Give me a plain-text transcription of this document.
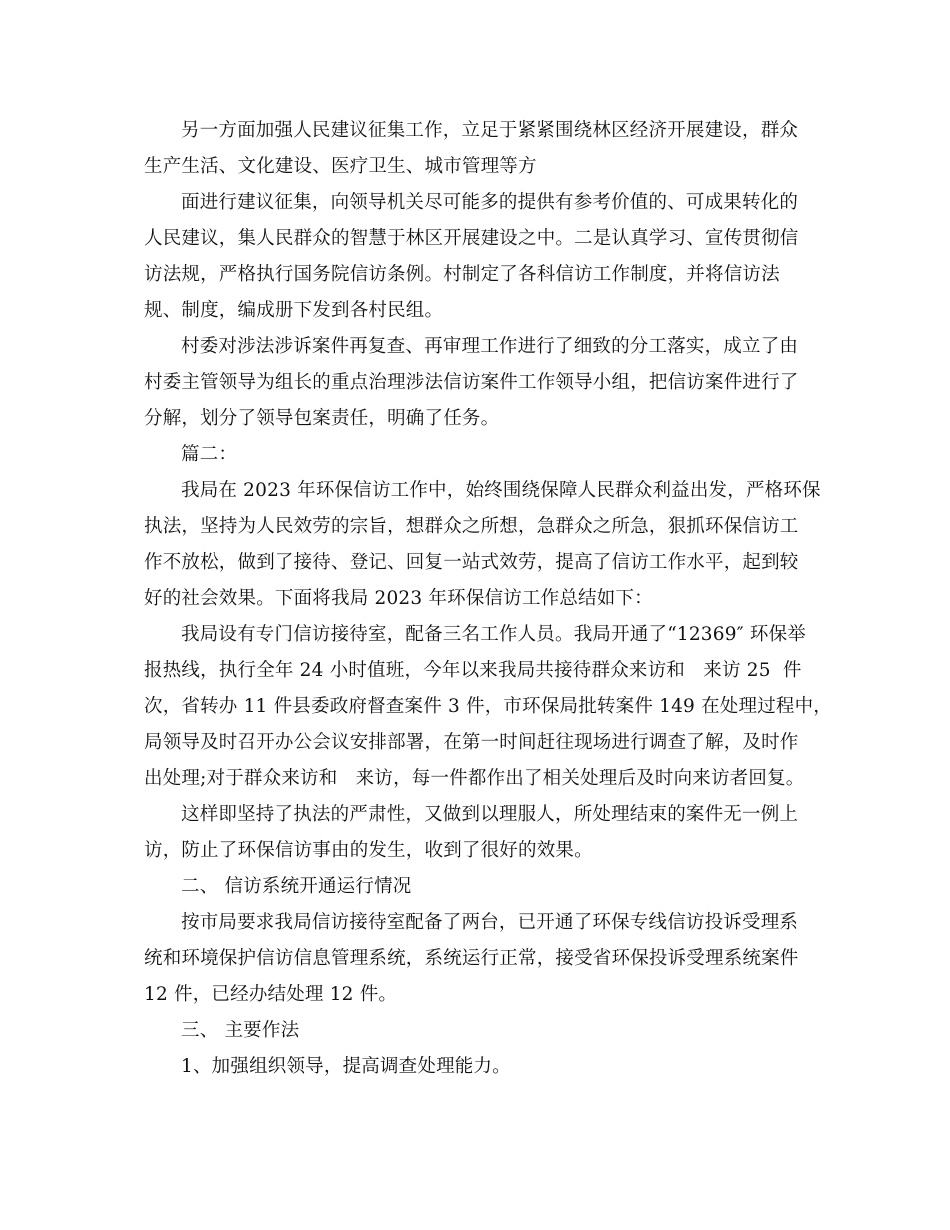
另一方面加强人民建议征集工作，立足于紧紧围绕林区经济开展建设，群众
生产生活、文化建设、医疗卫生、城市管理等方
面进行建议征集，向领导机关尽可能多的提供有参考价值的、可成果转化的
人民建议，集人民群众的智慧于林区开展建设之中。二是认真学习、宣传贯彻信
访法规，严格执行国务院信访条例。村制定了各科信访工作制度，并将信访法
规、制度，编成册下发到各村民组。
村委对涉法涉诉案件再复查、再审理工作进行了细致的分工落实，成立了由
村委主管领导为组长的重点治理涉法信访案件工作领导小组，把信访案件进行了
分解，划分了领导包案责任，明确了任务。
篇二：
我局在 2023 年环保信访工作中，始终围绕保障人民群众利益出发，严格环保
执法，坚持为人民效劳的宗旨，想群众之所想，急群众之所急，狠抓环保信访工
作不放松，做到了接待、登记、回复一站式效劳，提高了信访工作水平，起到较
好的社会效果。下面将我局 2023 年环保信访工作总结如下：
我局设有专门信访接待室，配备三名工作人员。我局开通了“12369″ 环保举
报热线，执行全年 24 小时值班，今年以来我局共接待群众来访和   来访 25  件
次，省转办 11 件县委政府督查案件 3 件，市环保局批转案件 149 在处理过程中，
局领导及时召开办公会议安排部署，在第一时间赶往现场进行调查了解，及时作
出处理;对于群众来访和   来访，每一件都作出了相关处理后及时向来访者回复。
这样即坚持了执法的严肃性，又做到以理服人，所处理结束的案件无一例上
访，防止了环保信访事由的发生，收到了很好的效果。
二、 信访系统开通运行情况
按市局要求我局信访接待室配备了两台，已开通了环保专线信访投诉受理系
统和环境保护信访信息管理系统，系统运行正常，接受省环保投诉受理系统案件
12 件，已经办结处理 12 件。
三、 主要作法
1、加强组织领导，提高调查处理能力。
